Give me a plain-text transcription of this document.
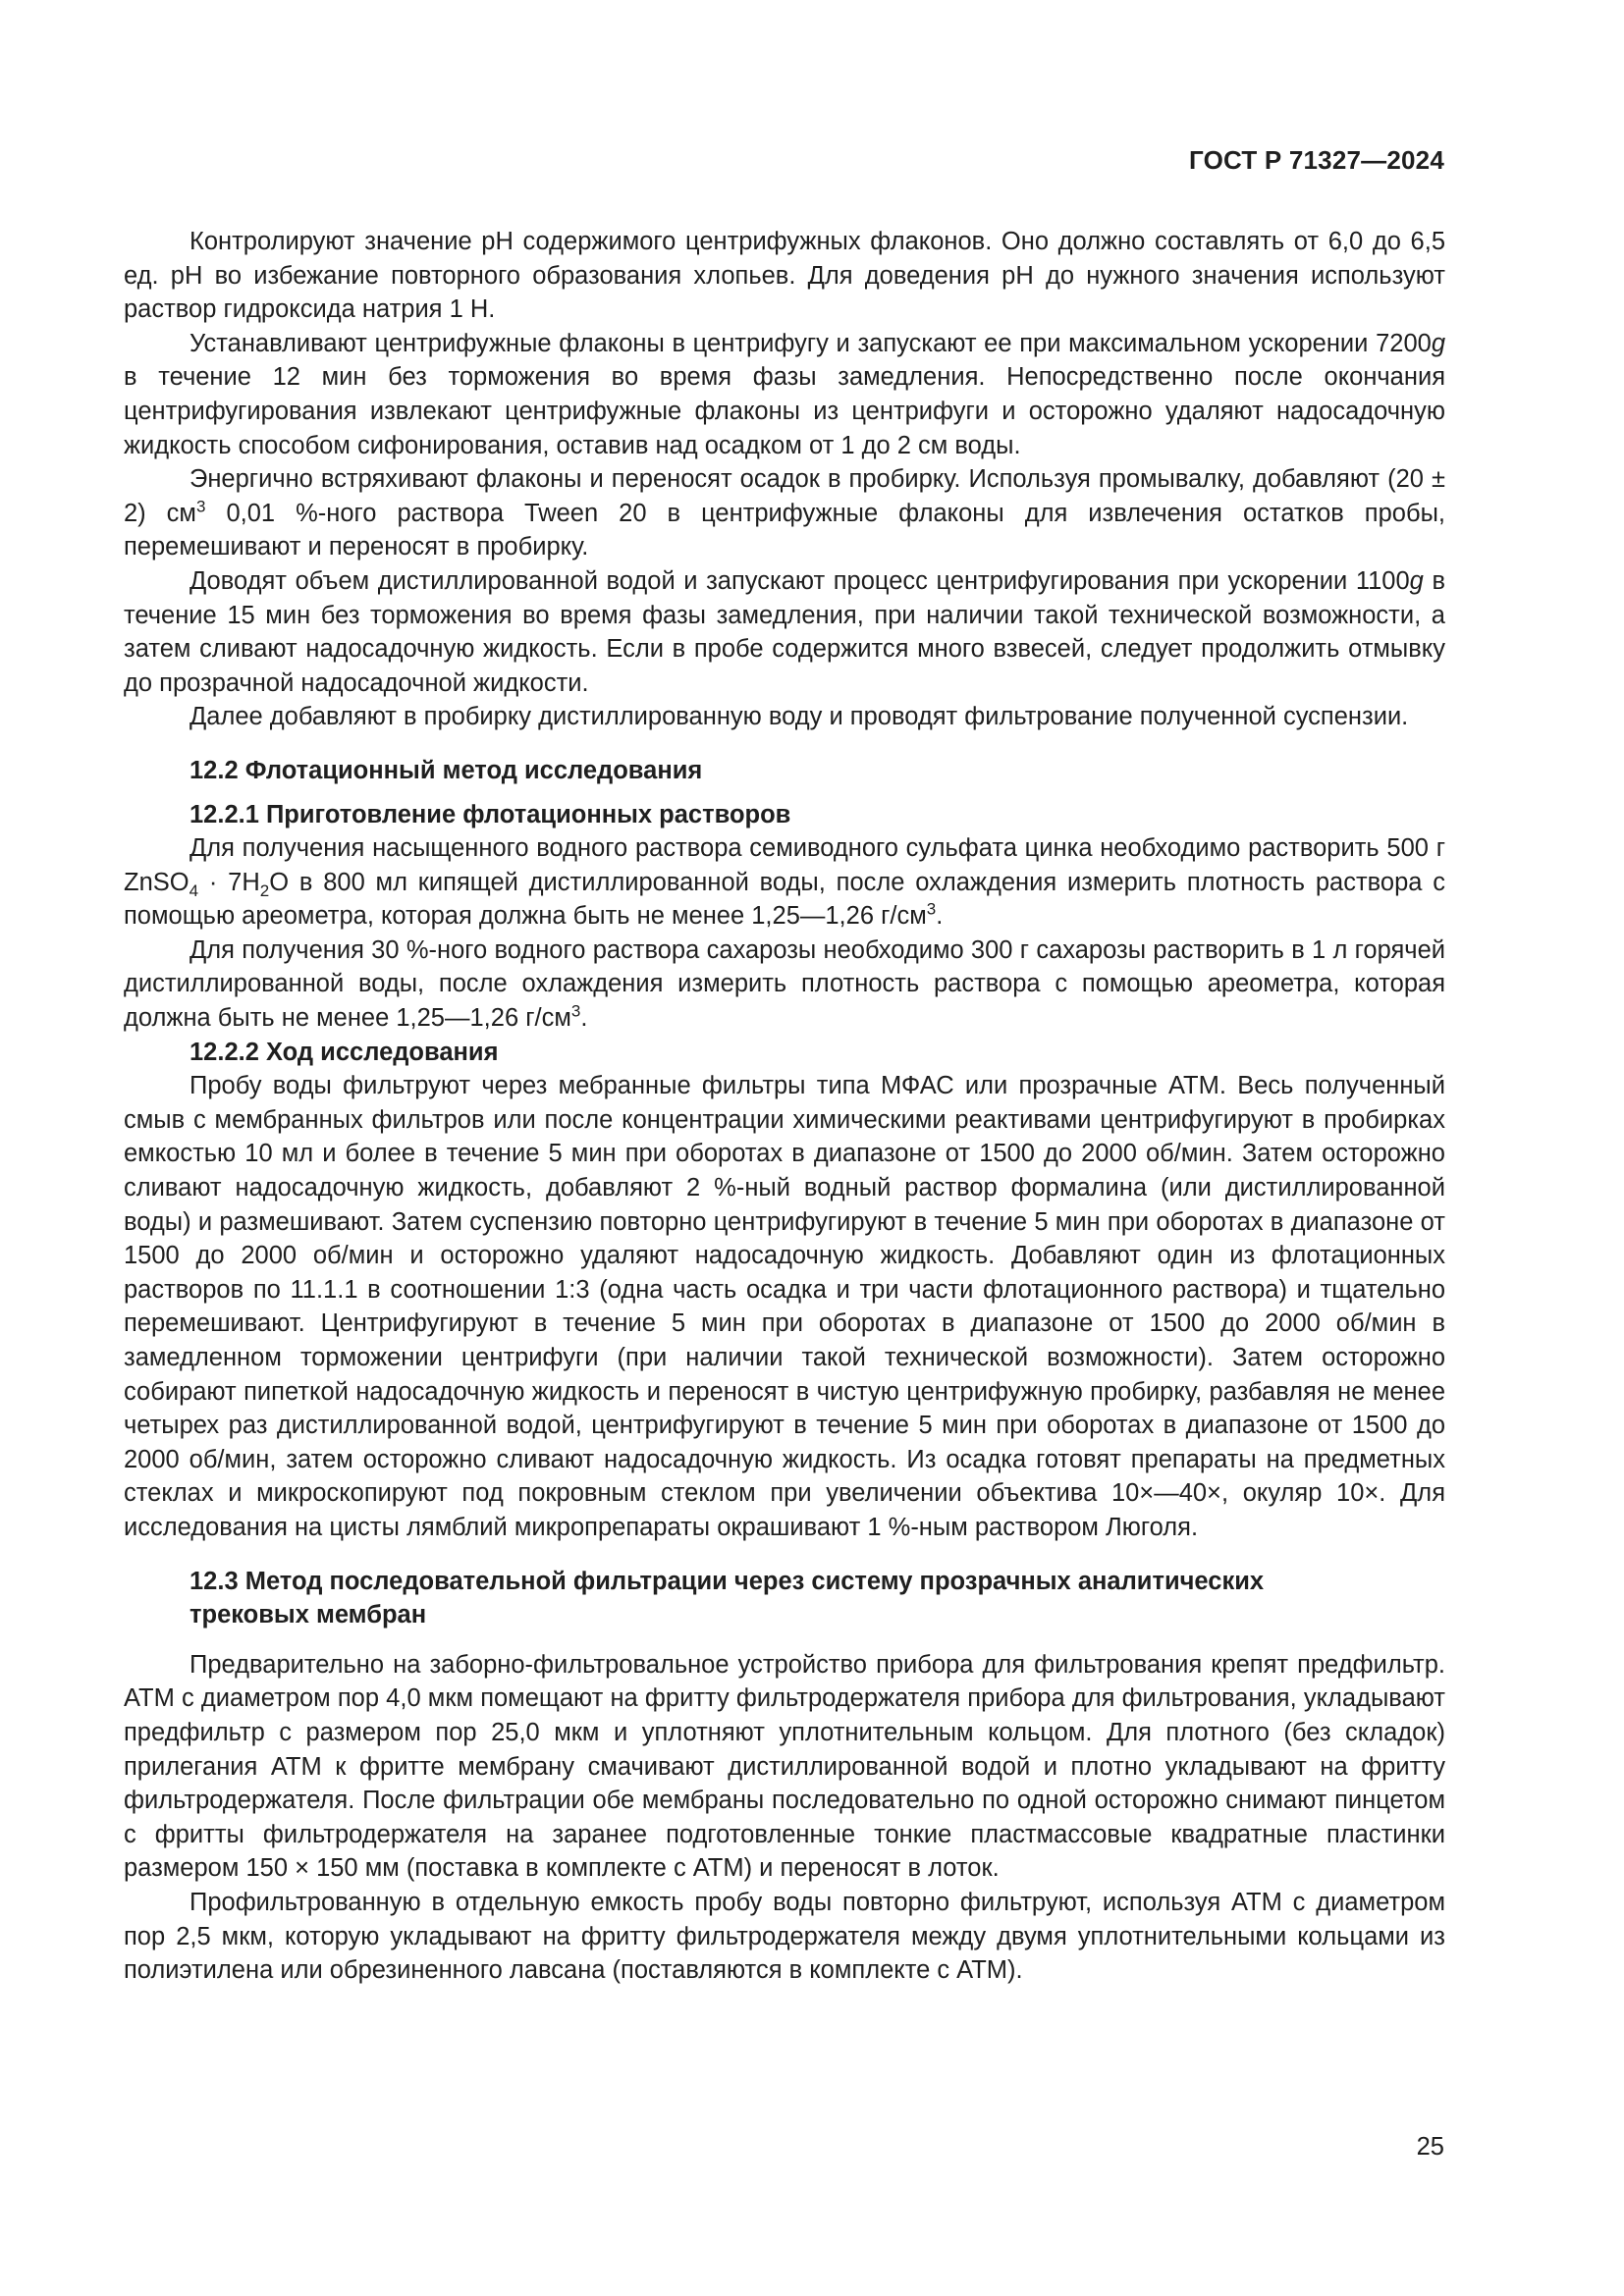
ГОСТ Р 71327—2024

Контролируют значение pH содержимого центрифужных флаконов. Оно должно составлять от 6,0 до 6,5 ед. pH во избежание повторного образования хлопьев. Для доведения pH до нужного значения используют раствор гидроксида натрия 1 Н.

Устанавливают центрифужные флаконы в центрифугу и запускают ее при максимальном ускорении 7200g в течение 12 мин без торможения во время фазы замедления. Непосредственно после окончания центрифугирования извлекают центрифужные флаконы из центрифуги и осторожно удаляют надосадочную жидкость способом сифонирования, оставив над осадком от 1 до 2 см воды.

Энергично встряхивают флаконы и переносят осадок в пробирку. Используя промывалку, добавляют (20 ± 2) $см^3$ 0,01 %-ного раствора Tween 20 в центрифужные флаконы для извлечения остатков пробы, перемешивают и переносят в пробирку.

Доводят объем дистиллированной водой и запускают процесс центрифугирования при ускорении 1100g в течение 15 мин без торможения во время фазы замедления, при наличии такой технической возможности, а затем сливают надосадочную жидкость. Если в пробе содержится много взвесей, следует продолжить отмывку до прозрачной надосадочной жидкости.

Далее добавляют в пробирку дистиллированную воду и проводят фильтрование полученной суспензии.

12.2 Флотационный метод исследования
12.2.1 Приготовление флотационных растворов

Для получения насыщенного водного раствора семиводного сульфата цинка необходимо растворить 500 г ZnSO$_4$ · $7H_2O$ в 800 мл кипящей дистиллированной воды, после охлаждения измерить плотность раствора с помощью ареометра, которая должна быть не менее 1,25—1,26 $г/см^3$.

Для получения 30 %-ного водного раствора сахарозы необходимо 300 г сахарозы растворить в 1 л горячей дистиллированной воды, после охлаждения измерить плотность раствора с помощью ареометра, которая должна быть не менее 1,25—1,26 $г/см^3$.

12.2.2 Ход исследования

Пробу воды фильтруют через мебранные фильтры типа МФАС или прозрачные АТМ. Весь полученный смыв с мембранных фильтров или после концентрации химическими реактивами центрифугируют в пробирках емкостью 10 мл и более в течение 5 мин при оборотах в диапазоне от 1500 до 2000 об/мин. Затем осторожно сливают надосадочную жидкость, добавляют 2 %-ный водный раствор формалина (или дистиллированной воды) и размешивают. Затем суспензию повторно центрифугируют в течение 5 мин при оборотах в диапазоне от 1500 до 2000 об/мин и осторожно удаляют надосадочную жидкость. Добавляют один из флотационных растворов по 11.1.1 в соотношении 1:3 (одна часть осадка и три части флотационного раствора) и тщательно перемешивают. Центрифугируют в течение 5 мин при оборотах в диапазоне от 1500 до 2000 об/мин в замедленном торможении центрифуги (при наличии такой технической возможности). Затем осторожно собирают пипеткой надосадочную жидкость и переносят в чистую центрифужную пробирку, разбавляя не менее четырех раз дистиллированной водой, центрифугируют в течение 5 мин при оборотах в диапазоне от 1500 до 2000 об/мин, затем осторожно сливают надосадочную жидкость. Из осадка готовят препараты на предметных стеклах и микроскопируют под покровным стеклом при увеличении объектива 10×—40×, окуляр 10×. Для исследования на цисты лямблий микропрепараты окрашивают 1 %-ным раствором Люголя.

12.3 Метод последовательной фильтрации через систему прозрачных аналитических
трековых мембран

Предварительно на заборно-фильтровальное устройство прибора для фильтрования крепят предфильтр. АТМ с диаметром пор 4,0 мкм помещают на фритту фильтродержателя прибора для фильтрования, укладывают предфильтр с размером пор 25,0 мкм и уплотняют уплотнительным кольцом. Для плотного (без складок) прилегания АТМ к фритте мембрану смачивают дистиллированной водой и плотно укладывают на фритту фильтродержателя. После фильтрации обе мембраны последовательно по одной осторожно снимают пинцетом с фритты фильтродержателя на заранее подготовленные тонкие пластмассовые квадратные пластинки размером 150 × 150 мм (поставка в комплекте с АТМ) и переносят в лоток.

Профильтрованную в отдельную емкость пробу воды повторно фильтруют, используя АТМ с диаметром пор 2,5 мкм, которую укладывают на фритту фильтродержателя между двумя уплотнительными кольцами из полиэтилена или обрезиненного лавсана (поставляются в комплекте с АТМ).

25
